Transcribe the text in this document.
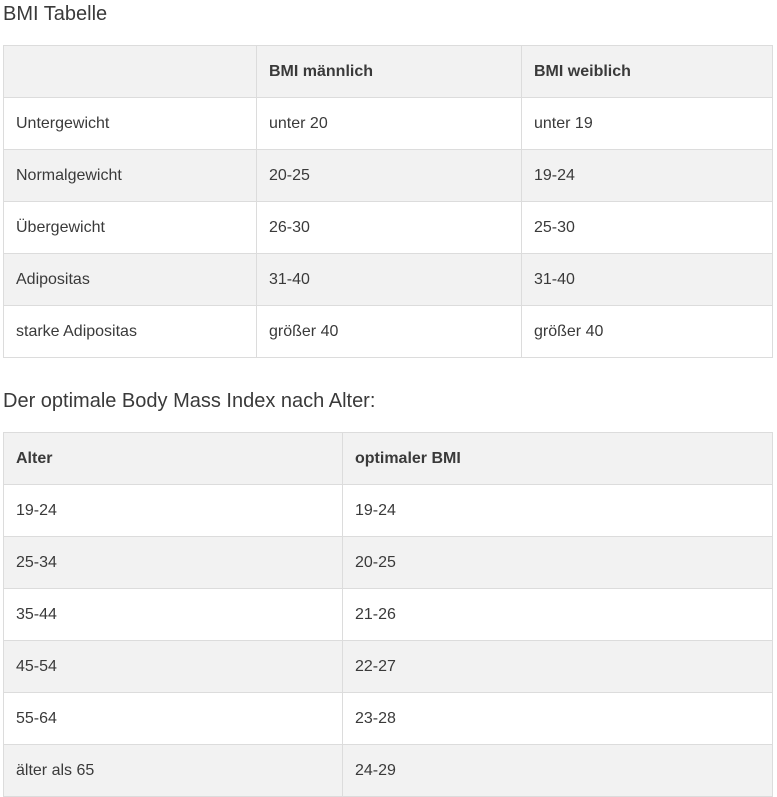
BMI Tabelle
	BMI männlich	BMI weiblich
Untergewicht	unter 20	unter 19
Normalgewicht	20-25	19-24
Übergewicht	26-30	25-30
Adipositas	31-40	31-40
starke Adipositas	größer 40	größer 40
Der optimale Body Mass Index nach Alter:
Alter	optimaler BMI
19-24	19-24
25-34	20-25
35-44	21-26
45-54	22-27
55-64	23-28
älter als 65	24-29
